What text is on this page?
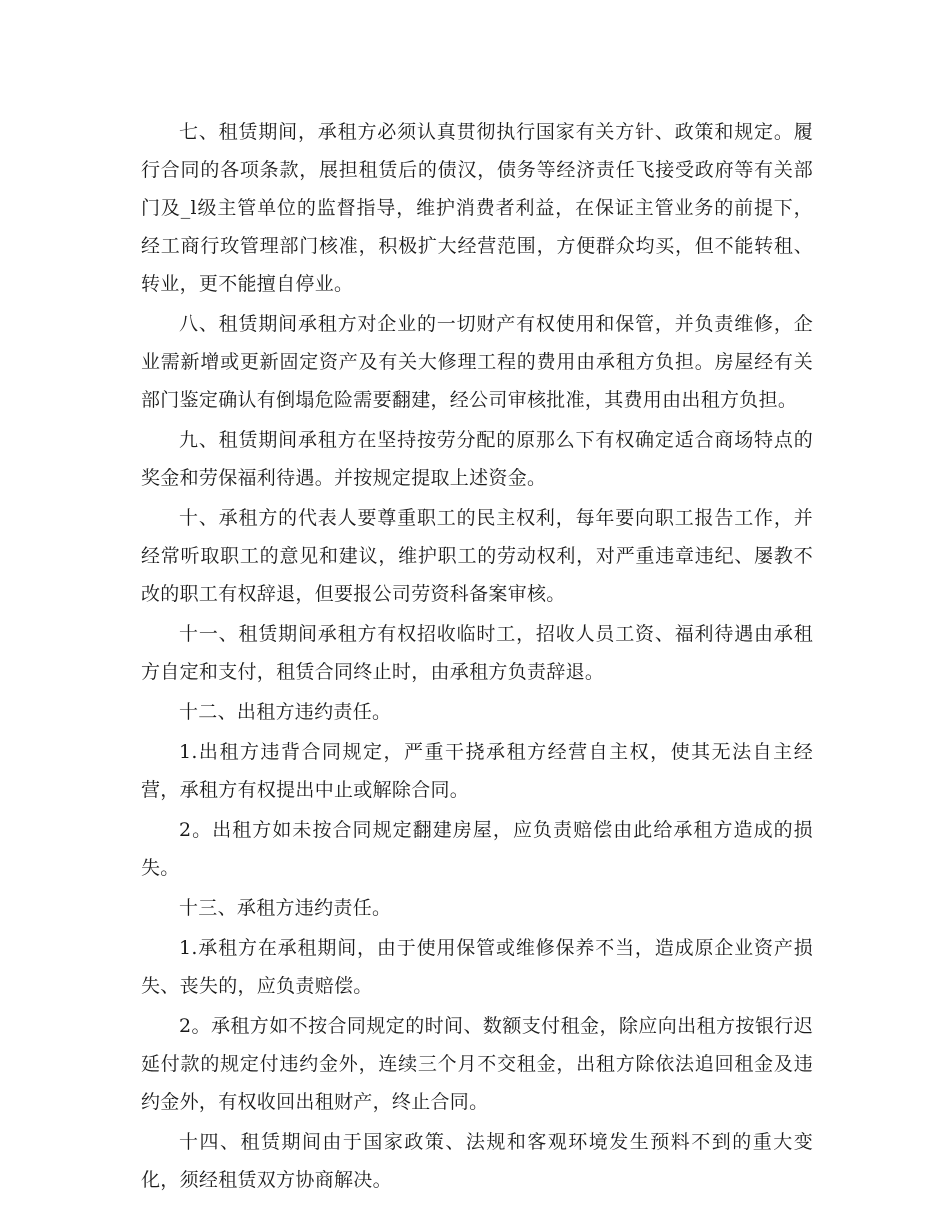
七、租赁期间，承租方必须认真贯彻执行国家有关方针、政策和规定。履行合同的各项条款，展担租赁后的债汉，债务等经济责任飞接受政府等有关部门及_l级主管单位的监督指导，维护消费者利益，在保证主管业务的前提下，经工商行玫管理部门核准，积极扩大经营范围，方便群众均买，但不能转租、转业，更不能擅自停业。

八、租赁期间承租方对企业的一切财产有权使用和保管，并负责维修，企业需新增或更新固定资产及有关大修理工程的费用由承租方负担。房屋经有关部门鉴定确认有倒塌危险需要翻建，经公司审核批准，其费用由出租方负担。

九、租赁期间承租方在坚持按劳分配的原那么下有权确定适合商场特点的奖金和劳保福利待遇。并按规定提取上述资金。

十、承租方的代表人要尊重职工的民主权利，每年要向职工报告工作，并经常听取职工的意见和建议，维护职工的劳动权利，对严重违章违纪、屡教不改的职工有权辞退，但要报公司劳资科备案审核。

十一、租赁期间承租方有权招收临时工，招收人员工资、福利待遇由承租方自定和支付，租赁合同终止时，由承租方负责辞退。

十二、出租方违约责任。

1.出租方违背合同规定，严重干挠承租方经营自主权，使其无法自主经营，承租方有权提出中止或解除合同。

2。出租方如未按合同规定翻建房屋，应负责赔偿由此给承租方造成的损失。

十三、承租方违约责任。

1.承租方在承租期间，由于使用保管或维修保养不当，造成原企业资产损失、丧失的，应负责赔偿。

2。承租方如不按合同规定的时间、数额支付租金，除应向出租方按银行迟延付款的规定付违约金外，连续三个月不交租金，出租方除依法追回租金及违约金外，有权收回出租财产，终止合同。

十四、租赁期间由于国家政策、法规和客观环境发生预料不到的重大变化，须经租赁双方协商解决。
